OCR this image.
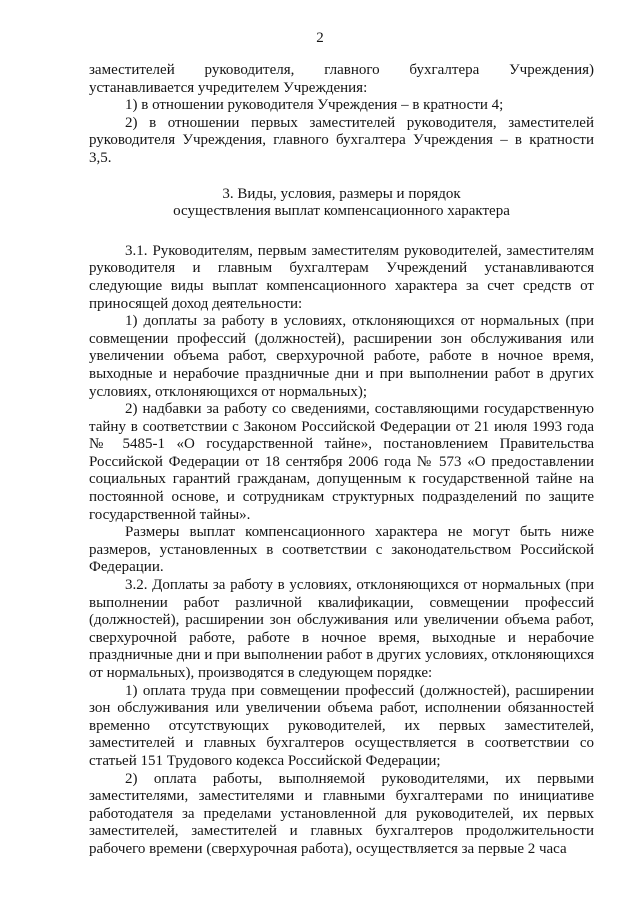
2

заместителей руководителя, главного бухгалтера Учреждения) устанавливается учредителем Учреждения:

1) в отношении руководителя Учреждения – в кратности 4;

2) в отношении первых заместителей руководителя, заместителей руководителя Учреждения, главного бухгалтера Учреждения – в кратности 3,5.

3. Виды, условия, размеры и порядок
осуществления выплат компенсационного характера

3.1. Руководителям, первым заместителям руководителей, заместителям руководителя и главным бухгалтерам Учреждений устанавливаются следующие виды выплат компенсационного характера за счет средств от приносящей доход деятельности:

1) доплаты за работу в условиях, отклоняющихся от нормальных (при совмещении профессий (должностей), расширении зон обслуживания или увеличении объема работ, сверхурочной работе, работе в ночное время, выходные и нерабочие праздничные дни и при выполнении работ в других условиях, отклоняющихся от нормальных);

2) надбавки за работу со сведениями, составляющими государственную тайну в соответствии с Законом Российской Федерации от 21 июля 1993 года № 5485-1 «О государственной тайне», постановлением Правительства Российской Федерации от 18 сентября 2006 года № 573 «О предоставлении социальных гарантий гражданам, допущенным к государственной тайне на постоянной основе, и сотрудникам структурных подразделений по защите государственной тайны».

Размеры выплат компенсационного характера не могут быть ниже размеров, установленных в соответствии с законодательством Российской Федерации.

3.2. Доплаты за работу в условиях, отклоняющихся от нормальных (при выполнении работ различной квалификации, совмещении профессий (должностей), расширении зон обслуживания или увеличении объема работ, сверхурочной работе, работе в ночное время, выходные и нерабочие праздничные дни и при выполнении работ в других условиях, отклоняющихся от нормальных), производятся в следующем порядке:

1) оплата труда при совмещении профессий (должностей), расширении зон обслуживания или увеличении объема работ, исполнении обязанностей временно отсутствующих руководителей, их первых заместителей, заместителей и главных бухгалтеров осуществляется в соответствии со статьей 151 Трудового кодекса Российской Федерации;

2) оплата работы, выполняемой руководителями, их первыми заместителями, заместителями и главными бухгалтерами по инициативе работодателя за пределами установленной для руководителей, их первых заместителей, заместителей и главных бухгалтеров продолжительности рабочего времени (сверхурочная работа), осуществляется за первые 2 часа
